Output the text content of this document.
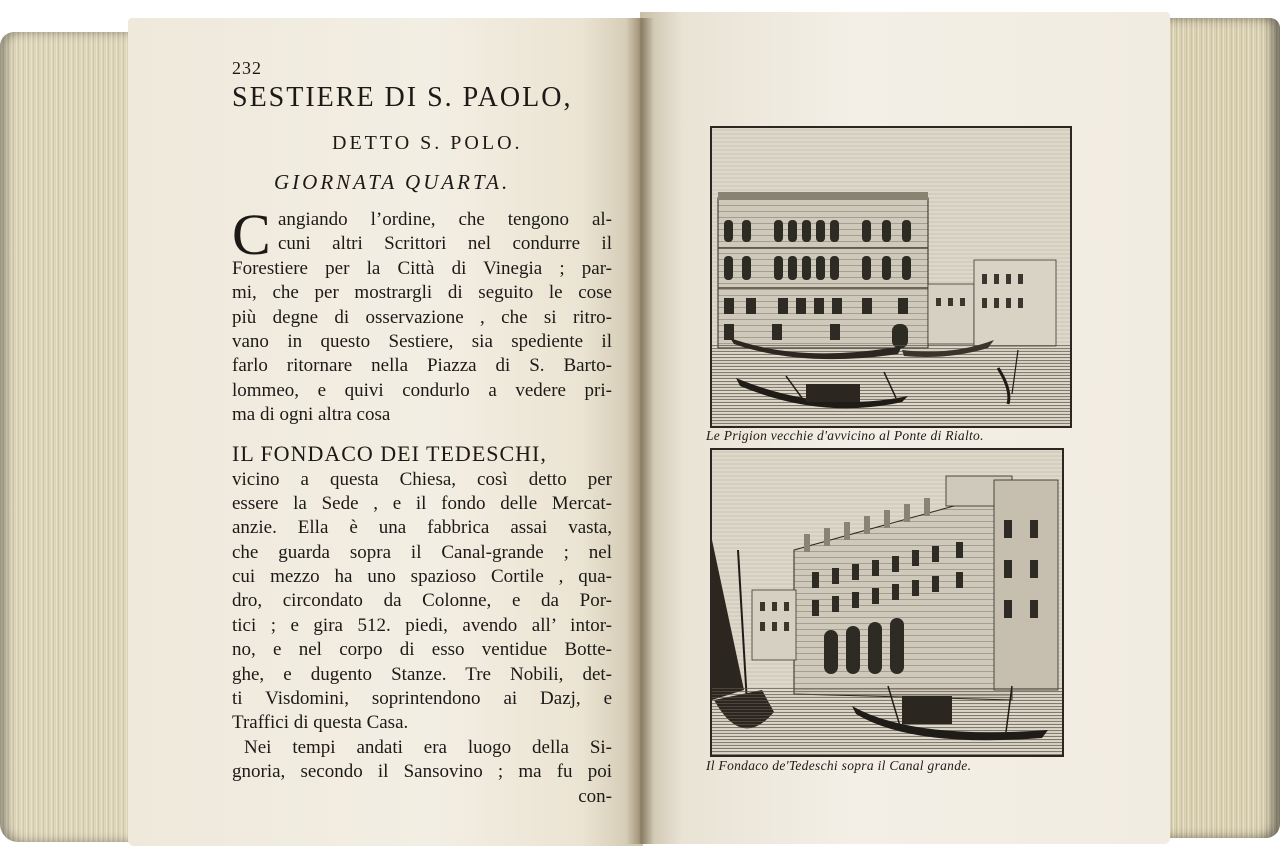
232
SESTIERE DI S. PAOLO,
DETTO S. POLO.
GIORNATA QUARTA.
C angiando l’ordine, che tengono al-
cuni altri Scrittori nel condurre il
Forestiere per la Città di Vinegia ; par-
mi, che per mostrargli di seguito le cose
più degne di osservazione , che si ritro-
vano in questo Sestiere, sia spediente il
farlo ritornare nella Piazza di S. Barto-
lommeo, e quivi condurlo a vedere pri-
ma di ogni altra cosa
IL FONDACO DEI TEDESCHI,
vicino a questa Chiesa, così detto per
essere la Sede , e il fondo delle Mercat-
anzie. Ella è una fabbrica assai vasta,
che guarda sopra il Canal-grande ; nel
cui mezzo ha uno spazioso Cortile , qua-
dro, circondato da Colonne, e da Por-
tici ; e gira 512. piedi, avendo all’ intor-
no, e nel corpo di esso ventidue Botte-
ghe, e dugento Stanze. Tre Nobili, det-
ti Visdomini, soprintendono ai Dazj, e
Traffici di questa Casa.
Nei tempi andati era luogo della Si-
gnoria, secondo il Sansovino ; ma fu poi
con-
Le Prigion vecchie d'avvicino al Ponte di Rialto.
Il Fondaco de'Tedeschi sopra il Canal grande.
